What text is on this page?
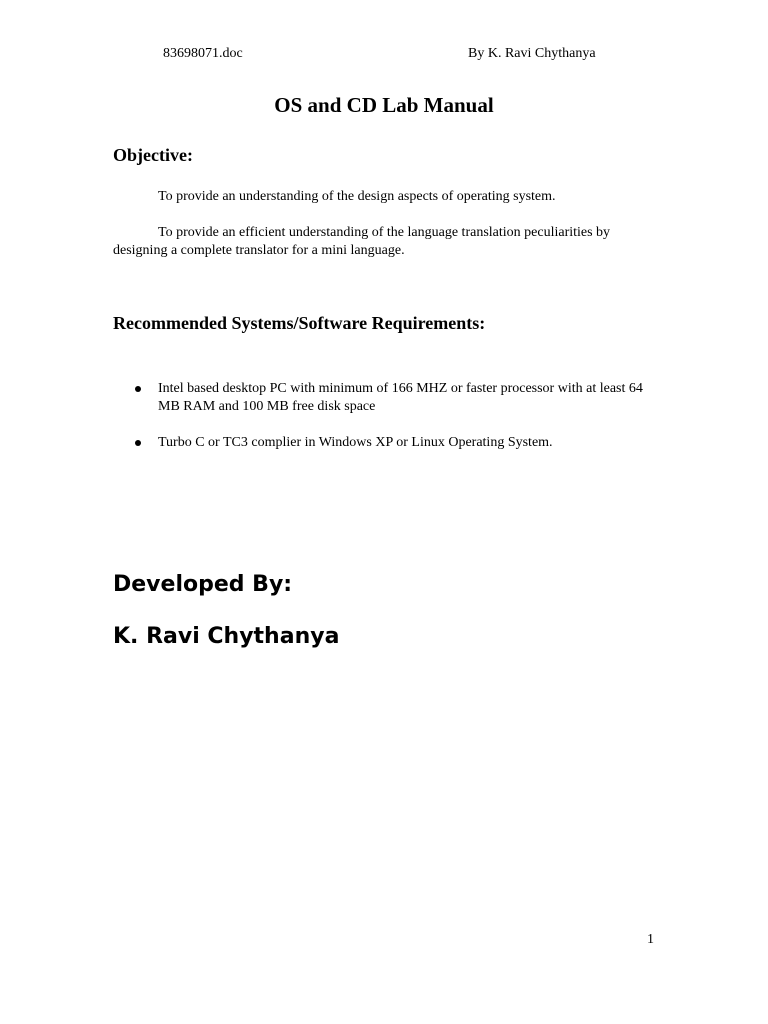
83698071.doc	By K. Ravi Chythanya
OS and CD Lab Manual
Objective:
To provide an understanding of the design aspects of operating system.
To provide an efficient understanding of the language translation peculiarities by designing a complete translator for a mini language.
Recommended Systems/Software Requirements:
Intel based desktop PC with minimum of 166 MHZ or faster processor with at least 64 MB RAM and 100 MB free disk space
Turbo C or TC3 complier in Windows XP or Linux Operating System.
Developed By:
K. Ravi Chythanya
1
